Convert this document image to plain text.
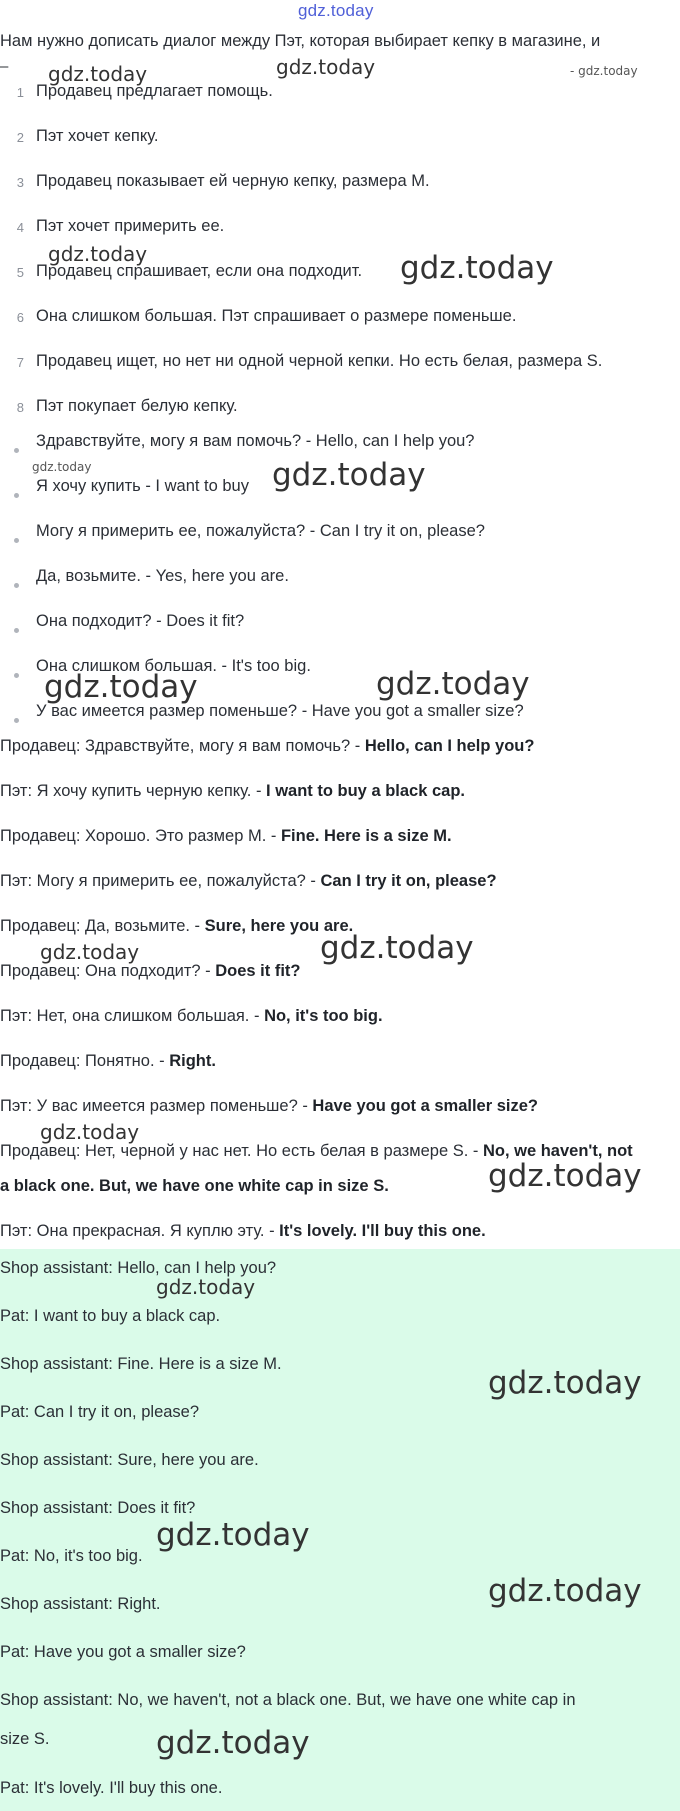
gdz.today
Нам нужно дописать диалог между Пэт, которая выбирает кепку в магазине, и
–
1 Продавец предлагает помощь.
2 Пэт хочет кепку.
3 Продавец показывает ей черную кепку, размера М.
4 Пэт хочет примерить ее.
5 Продавец спрашивает, если она подходит.
6 Она слишком большая. Пэт спрашивает о размере поменьше.
7 Продавец ищет, но нет ни одной черной кепки. Но есть белая, размера S.
8 Пэт покупает белую кепку.
Здравствуйте, могу я вам помочь? - Hello, can I help you?
Я хочу купить - I want to buy
Могу я примерить ее, пожалуйста? - Can I try it on, please?
Да, возьмите. - Yes, here you are.
Она подходит? - Does it fit?
Она слишком большая. - It's too big.
У вас имеется размер поменьше? - Have you got a smaller size?
Продавец: Здравствуйте, могу я вам помочь? - Hello, can I help you?
Пэт: Я хочу купить черную кепку. - I want to buy a black cap.
Продавец: Хорошо. Это размер М. - Fine. Here is a size M.
Пэт: Могу я примерить ее, пожалуйста? - Can I try it on, please?
Продавец: Да, возьмите. - Sure, here you are.
Продавец: Она подходит? - Does it fit?
Пэт: Нет, она слишком большая. - No, it's too big.
Продавец: Понятно. - Right.
Пэт: У вас имеется размер поменьше? - Have you got a smaller size?
Продавец: Нет, черной у нас нет. Но есть белая в размере S. - No, we haven't, not
a black one. But, we have one white cap in size S.
Пэт: Она прекрасная. Я куплю эту. - It's lovely. I'll buy this one.
Shop assistant: Hello, can I help you?
Pat: I want to buy a black cap.
Shop assistant: Fine. Here is a size M.
Pat: Can I try it on, please?
Shop assistant: Sure, here you are.
Shop assistant: Does it fit?
Pat: No, it's too big.
Shop assistant: Right.
Pat: Have you got a smaller size?
Shop assistant: No, we haven't, not a black one. But, we have one white cap in
size S.
Pat: It's lovely. I'll buy this one.
gdz.today	gdz.today	- gdz.today
gdz.today	gdz.today
gdz.today	gdz.today
gdz.today	gdz.today
gdz.today	gdz.today
gdz.today
gdz.today
gdz.today
gdz.today
gdz.today
gdz.today
gdz.today
